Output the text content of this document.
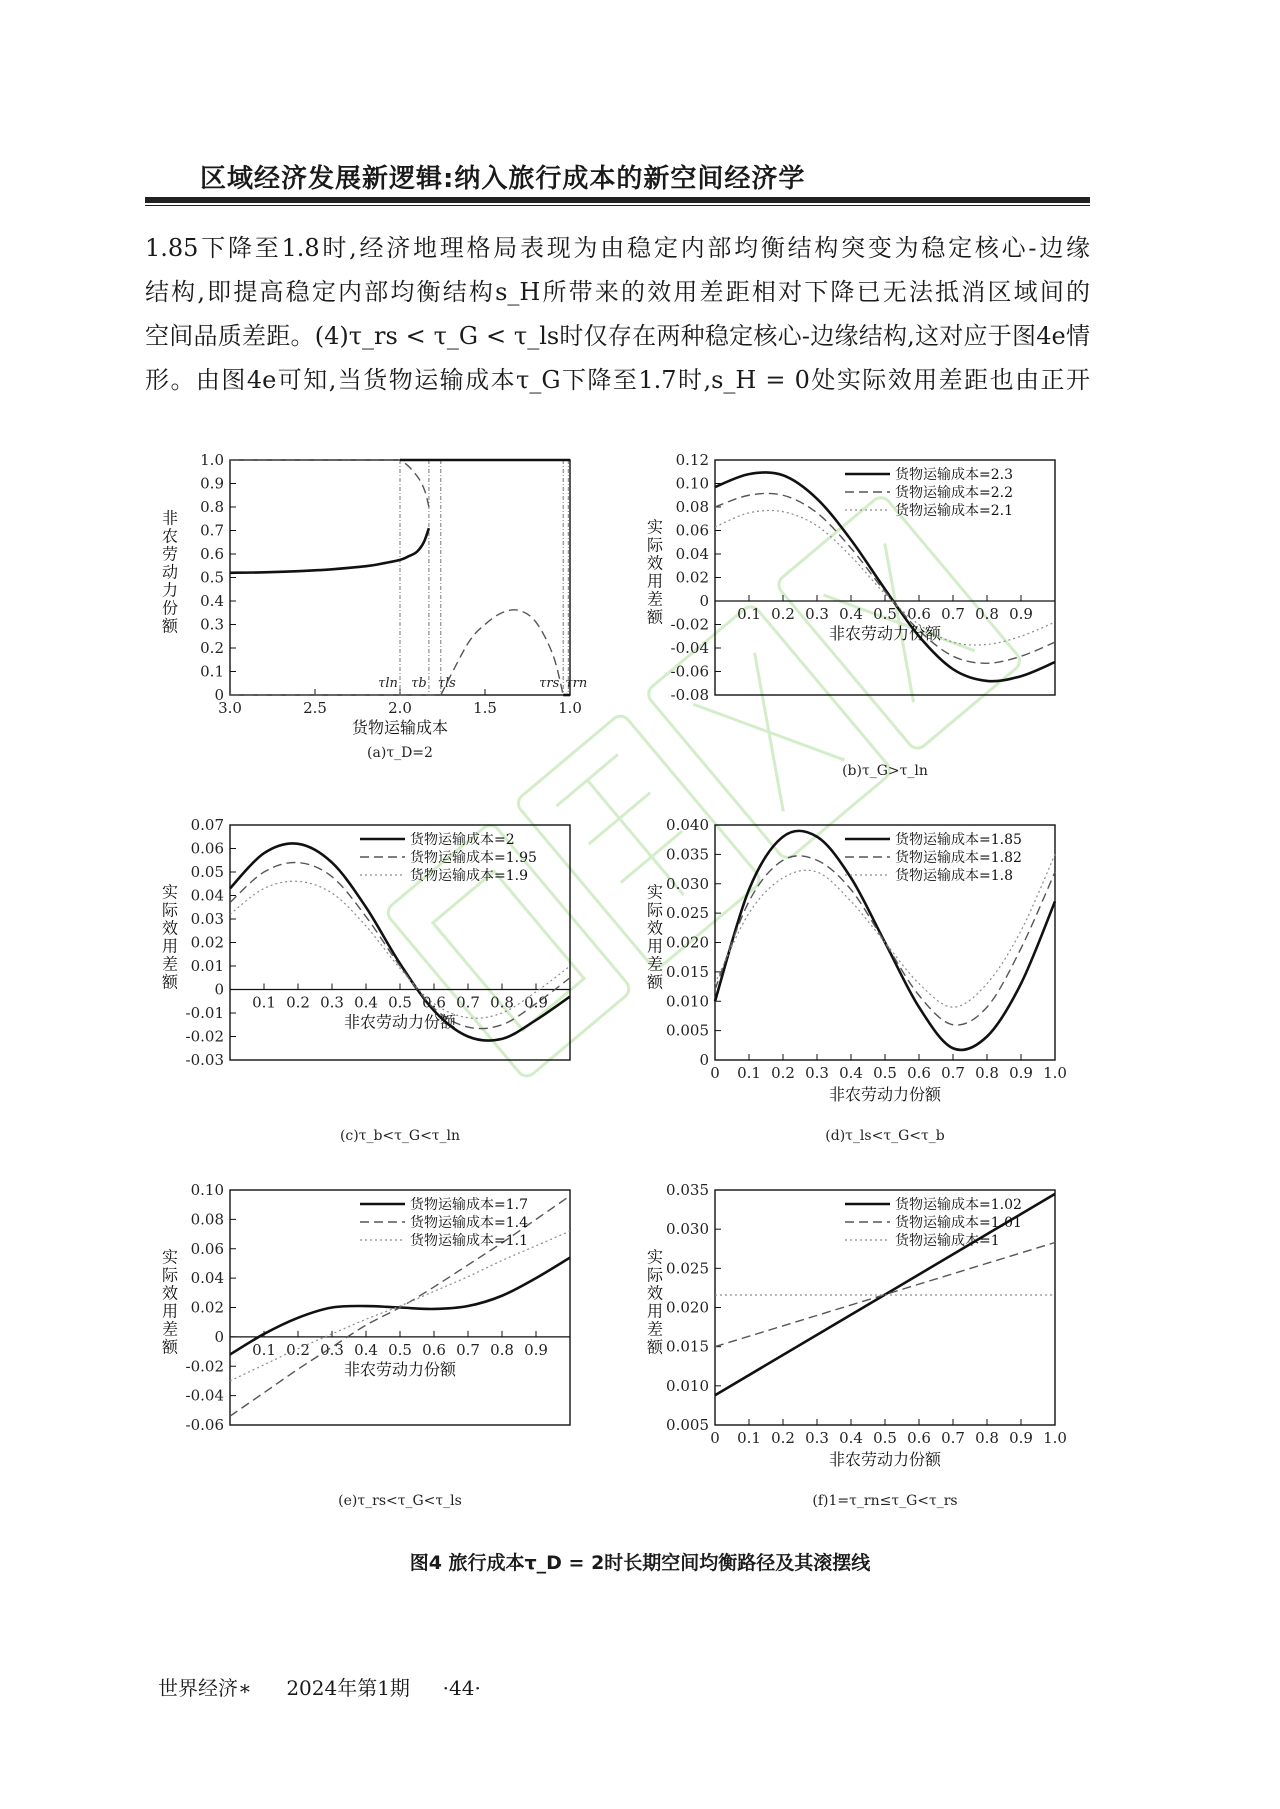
区域经济发展新逻辑:纳入旅行成本的新空间经济学

1.85下降至1.8时,经济地理格局表现为由稳定内部均衡结构突变为稳定核心-边缘

结构,即提高稳定内部均衡结构s_H所带来的效用差距相对下降已无法抵消区域间的

空间品质差距。(4)τ_rs < τ_G < τ_ls时仅存在两种稳定核心-边缘结构,这对应于图4e情

形。由图4e可知,当货物运输成本τ_G下降至1.7时,s_H = 0处实际效用差距也由正开

0
0.1
0.2
0.3
0.4
0.5
0.6
0.7
0.8
0.9
1.0
3.0	2.5	2.0	1.5	1.0
τln τb τls	τrs τrn
非
农
劳
动
力
份
额
货物运输成本
(a)τ_D=2
-0.08
-0.06
-0.04
-0.02
0
0.02
0.04
0.06
0.08
0.10
0.12
0.1 0.2 0.3 0.4 0.5 0.6 0.7 0.8 0.9
货物运输成本=2.3
货物运输成本=2.2
货物运输成本=2.1
实
际
效
用
差
额
非农劳动力份额
(b)τ_G>τ_ln
-0.03
-0.02
-0.01
0
0.01
0.02
0.03
0.04
0.05
0.06
0.07
0.1 0.2 0.3 0.4 0.5 0.6 0.7 0.8 0.9
货物运输成本=2
货物运输成本=1.95
货物运输成本=1.9
实
际
效
用
差
额
非农劳动力份额
(c)τ_b<τ_G<τ_ln
0
0.005
0.010
0.015
0.020
0.025
0.030
0.035
0.040
0 0.1 0.2 0.3 0.4 0.5 0.6 0.7 0.8 0.9 1.0
货物运输成本=1.85
货物运输成本=1.82
货物运输成本=1.8
实
际
效
用
差
额
非农劳动力份额
(d)τ_ls<τ_G<τ_b
-0.06
-0.04
-0.02
0
0.02
0.04
0.06
0.08
0.10
0.1 0.2 0.3 0.4 0.5 0.6 0.7 0.8 0.9
货物运输成本=1.7
货物运输成本=1.4
货物运输成本=1.1
实
际
效
用
差
额
非农劳动力份额
(e)τ_rs<τ_G<τ_ls
0.005
0.010
0.015
0.020
0.025
0.030
0.035
0 0.1 0.2 0.3 0.4 0.5 0.6 0.7 0.8 0.9 1.0
货物运输成本=1.02
货物运输成本=1.01
货物运输成本=1
实
际
效
用
差
额
非农劳动力份额
(f)1=τ_rn≤τ_G<τ_rs
图4 旅行成本τ_D = 2时长期空间均衡路径及其滚摆线
世界经济∗ 2024年第1期 ·44·
